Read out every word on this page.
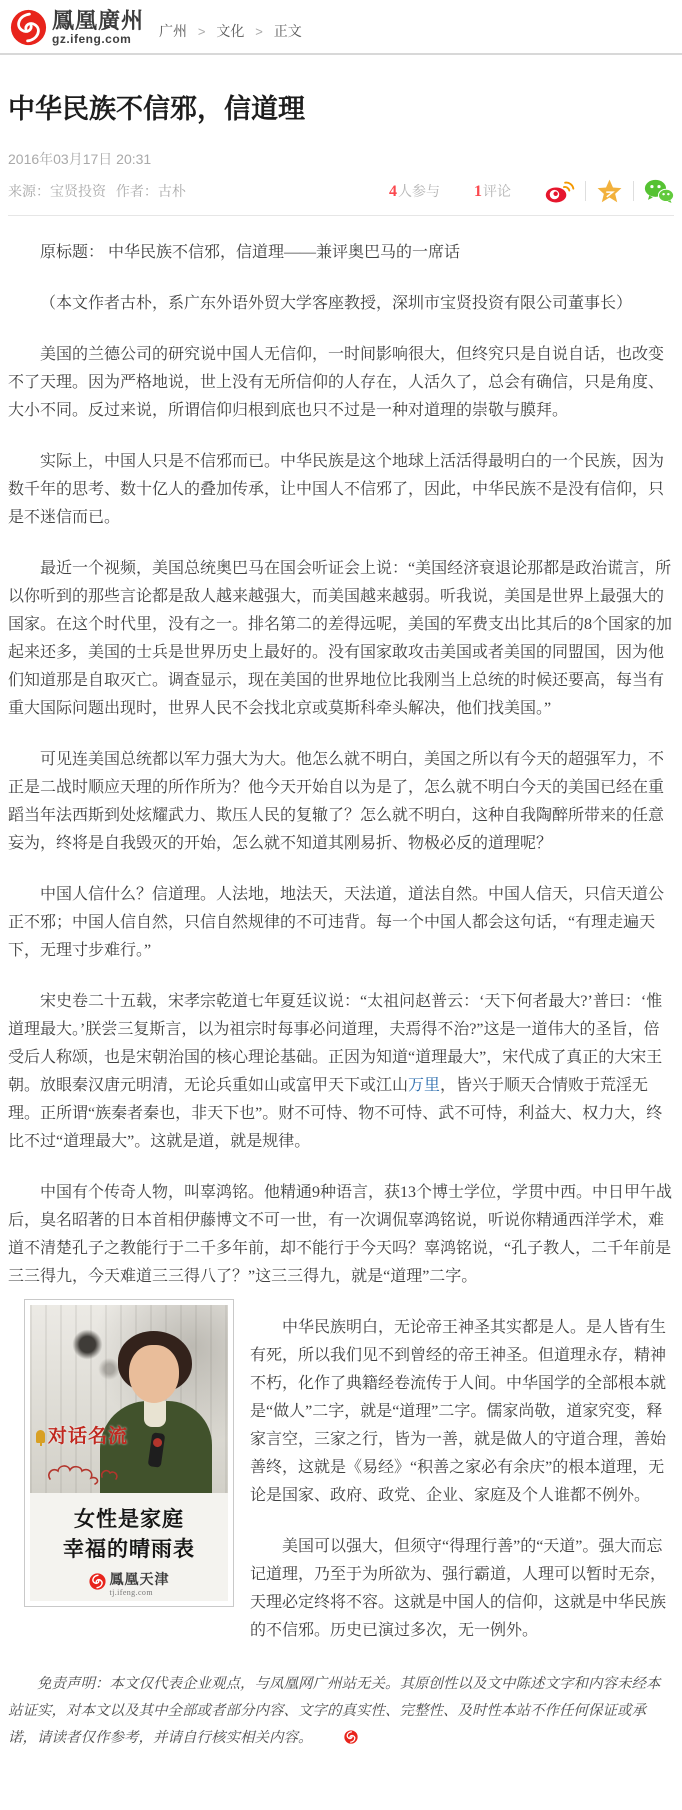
鳳凰廣州
gz.ifeng.com
广州 > 文化 > 正文
中华民族不信邪，信道理
2016年03月17日 20:31
来源：宝贤投资 作者：古朴	4人参与 1评论

原标题： 中华民族不信邪，信道理——兼评奥巴马的一席话

（本文作者古朴，系广东外语外贸大学客座教授，深圳市宝贤投资有限公司董事长）

美国的兰德公司的研究说中国人无信仰，一时间影响很大，但终究只是自说自话，也改变不了天理。因为严格地说，世上没有无所信仰的人存在，人活久了，总会有确信，只是角度、大小不同。反过来说，所谓信仰归根到底也只不过是一种对道理的崇敬与膜拜。

实际上，中国人只是不信邪而已。中华民族是这个地球上活活得最明白的一个民族，因为数千年的思考、数十亿人的叠加传承，让中国人不信邪了，因此，中华民族不是没有信仰，只是不迷信而已。

最近一个视频，美国总统奥巴马在国会听证会上说：“美国经济衰退论那都是政治谎言，所以你听到的那些言论都是敌人越来越强大，而美国越来越弱。听我说，美国是世界上最强大的国家。在这个时代里，没有之一。排名第二的差得远呢，美国的军费支出比其后的8个国家的加起来还多，美国的士兵是世界历史上最好的。没有国家敢攻击美国或者美国的同盟国，因为他们知道那是自取灭亡。调查显示，现在美国的世界地位比我刚当上总统的时候还要高，每当有重大国际问题出现时，世界人民不会找北京或莫斯科牵头解决，他们找美国。”

可见连美国总统都以军力强大为大。他怎么就不明白，美国之所以有今天的超强军力，不正是二战时顺应天理的所作所为？他今天开始自以为是了，怎么就不明白今天的美国已经在重蹈当年法西斯到处炫耀武力、欺压人民的复辙了？怎么就不明白，这种自我陶醉所带来的任意妄为，终将是自我毁灭的开始，怎么就不知道其刚易折、物极必反的道理呢？

中国人信什么？信道理。人法地，地法天，天法道，道法自然。中国人信天，只信天道公正不邪；中国人信自然，只信自然规律的不可违背。每一个中国人都会这句话，“有理走遍天下，无理寸步难行。”

宋史卷二十五载，宋孝宗乾道七年夏廷议说：“太祖问赵普云：‘天下何者最大?’普曰：‘惟道理最大。’朕尝三复斯言，以为祖宗时每事必问道理，夫焉得不治?”这是一道伟大的圣旨，倍受后人称颂，也是宋朝治国的核心理论基础。正因为知道“道理最大”，宋代成了真正的大宋王朝。放眼秦汉唐元明清，无论兵重如山或富甲天下或江山万里，皆兴于顺天合情败于荒淫无理。正所谓“族秦者秦也，非天下也”。财不可恃、物不可恃、武不可恃，利益大、权力大，终比不过“道理最大”。这就是道，就是规律。

中国有个传奇人物，叫辜鸿铭。他精通9种语言，获13个博士学位，学贯中西。中日甲午战后，臭名昭著的日本首相伊藤博文不可一世，有一次调侃辜鸿铭说，听说你精通西洋学术，难道不清楚孔子之教能行于二千多年前，却不能行于今天吗？辜鸿铭说，“孔子教人，二千年前是三三得九，今天难道三三得八了？”这三三得九，就是“道理”二字。

对话名流
女性是家庭
幸福的晴雨表
鳳凰天津
tj.ifeng.com

中华民族明白，无论帝王神圣其实都是人。是人皆有生有死，所以我们见不到曾经的帝王神圣。但道理永存，精神不朽，化作了典籍经卷流传于人间。中华国学的全部根本就是“做人”二字，就是“道理”二字。儒家尚敬，道家究变，释家言空，三家之行，皆为一善，就是做人的守道合理，善始善终，这就是《易经》“积善之家必有余庆”的根本道理，无论是国家、政府、政党、企业、家庭及个人谁都不例外。

美国可以强大，但须守“得理行善”的“天道”。强大而忘记道理，乃至于为所欲为、强行霸道，人理可以暂时无奈，天理必定终将不容。这就是中国人的信仰，这就是中华民族的不信邪。历史已演过多次，无一例外。

免责声明：本文仅代表企业观点，与凤凰网广州站无关。其原创性以及文中陈述文字和内容未经本站证实，对本文以及其中全部或者部分内容、文字的真实性、完整性、及时性本站不作任何保证或承诺，请读者仅作参考，并请自行核实相关内容。
